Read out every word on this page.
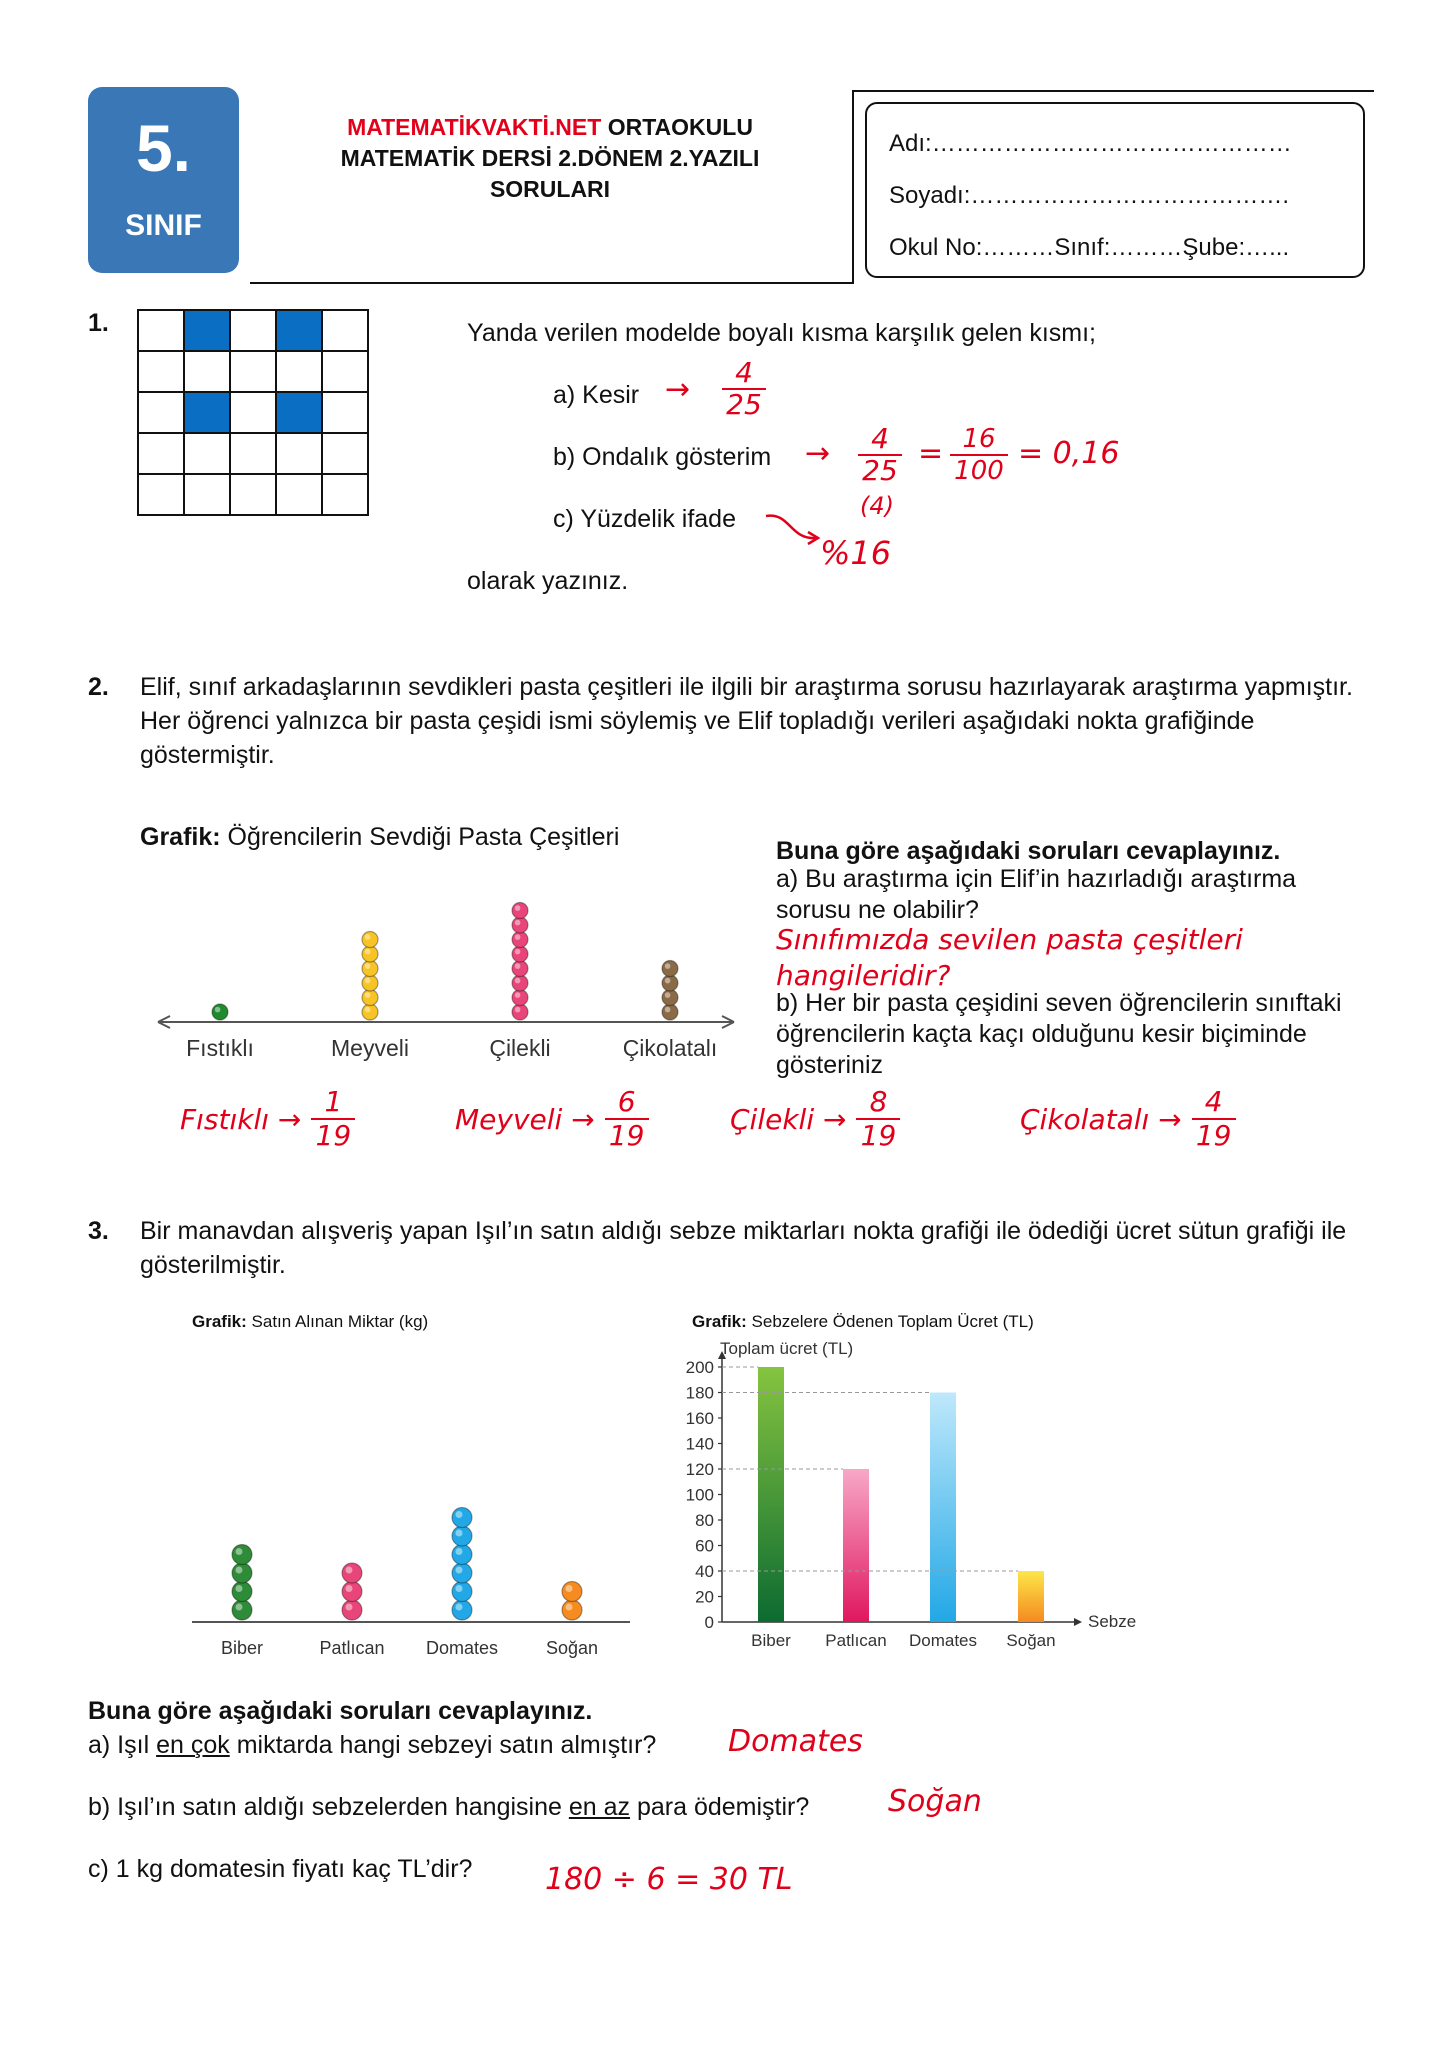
5.
SINIF
MATEMATİKVAKTİ.NET ORTAOKULU
MATEMATİK DERSİ 2.DÖNEM 2.YAZILI
SORULARI
Adı:………………………………………
Soyadı:………………………………….
Okul No:………Sınıf:………Şube:…...
1.	Yanda verilen modelde boyalı kısma karşılık gelen kısmı;
a) Kesir
b) Ondalık gösterim
c) Yüzdelik ifade
olarak yazınız.
→ 4
25
→ 4
25
(4)
= 16
100 = 0,16
%16
2. Elif, sınıf arkadaşlarının sevdikleri pasta çeşitleri ile ilgili bir araştırma sorusu hazırlayarak araştırma yapmıştır. Her öğrenci yalnızca bir pasta çeşidi ismi söylemiş ve Elif topladığı verileri aşağıdaki nokta grafiğinde göstermiştir.
Grafik: Öğrencilerin Sevdiği Pasta Çeşitleri
Fıstıklı	Meyveli	Çilekli	Çikolatalı
Buna göre aşağıdaki soruları cevaplayınız.
a) Bu araştırma için Elif’in hazırladığı araştırma sorusu ne olabilir?
b) Her bir pasta çeşidini seven öğrencilerin sınıftaki öğrencilerin kaçta kaçı olduğunu kesir biçiminde gösteriniz
Sınıfımızda sevilen pasta çeşitleri hangileridir?
Fıstıklı → $\frac{1}{19}$	Meyveli → $\frac{6}{19}$	Çilekli → $\frac{8}{19}$	Çikolatalı → $\frac{4}{19}$
3. Bir manavdan alışveriş yapan Işıl’ın satın aldığı sebze miktarları nokta grafiği ile ödediği ücret sütun grafiği ile gösterilmiştir.
Grafik: Satın Alınan Miktar (kg)
Biber	Patlıcan Domates	Soğan
Grafik: Sebzelere Ödenen Toplam Ücret (TL)
Sebze
Toplam ücret (TL)
0
20
40
60
80
100
120
140
160
180
200
Biber Patlıcan Domates Soğan
Buna göre aşağıdaki soruları cevaplayınız.
a) Işıl en çok miktarda hangi sebzeyi satın almıştır?
b) Işıl’ın satın aldığı sebzelerden hangisine en az para ödemiştir?
c) 1 kg domatesin fiyatı kaç TL’dir?
Domates
Soğan
180 ÷ 6 = 30 TL
